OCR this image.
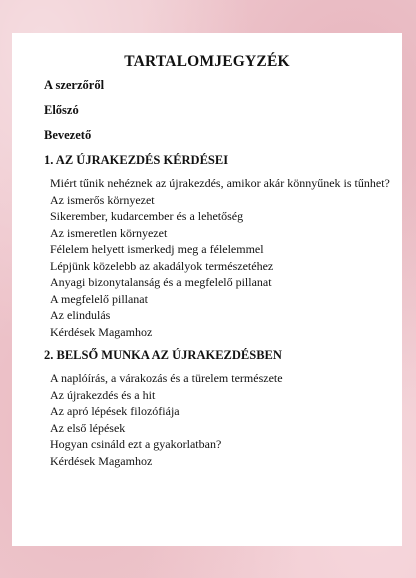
TARTALOMJEGYZÉK
A szerzőről
Előszó
Bevezető
1. AZ ÚJRAKEZDÉS KÉRDÉSEI
Miért tűnik nehéznek az újrakezdés, amikor akár könnyűnek is tűnhet?
Az ismerős környezet
Sikerember, kudarcember és a lehetőség
Az ismeretlen környezet
Félelem helyett ismerkedj meg a félelemmel
Lépjünk közelebb az akadályok természetéhez
Anyagi bizonytalanság és a megfelelő pillanat
A megfelelő pillanat
Az elindulás
Kérdések Magamhoz
2. BELSŐ MUNKA AZ ÚJRAKEZDÉSBEN
A naplóírás, a várakozás és a türelem természete
Az újrakezdés és a hit
Az apró lépések filozófiája
Az első lépések
Hogyan csináld ezt a gyakorlatban?
Kérdések Magamhoz
